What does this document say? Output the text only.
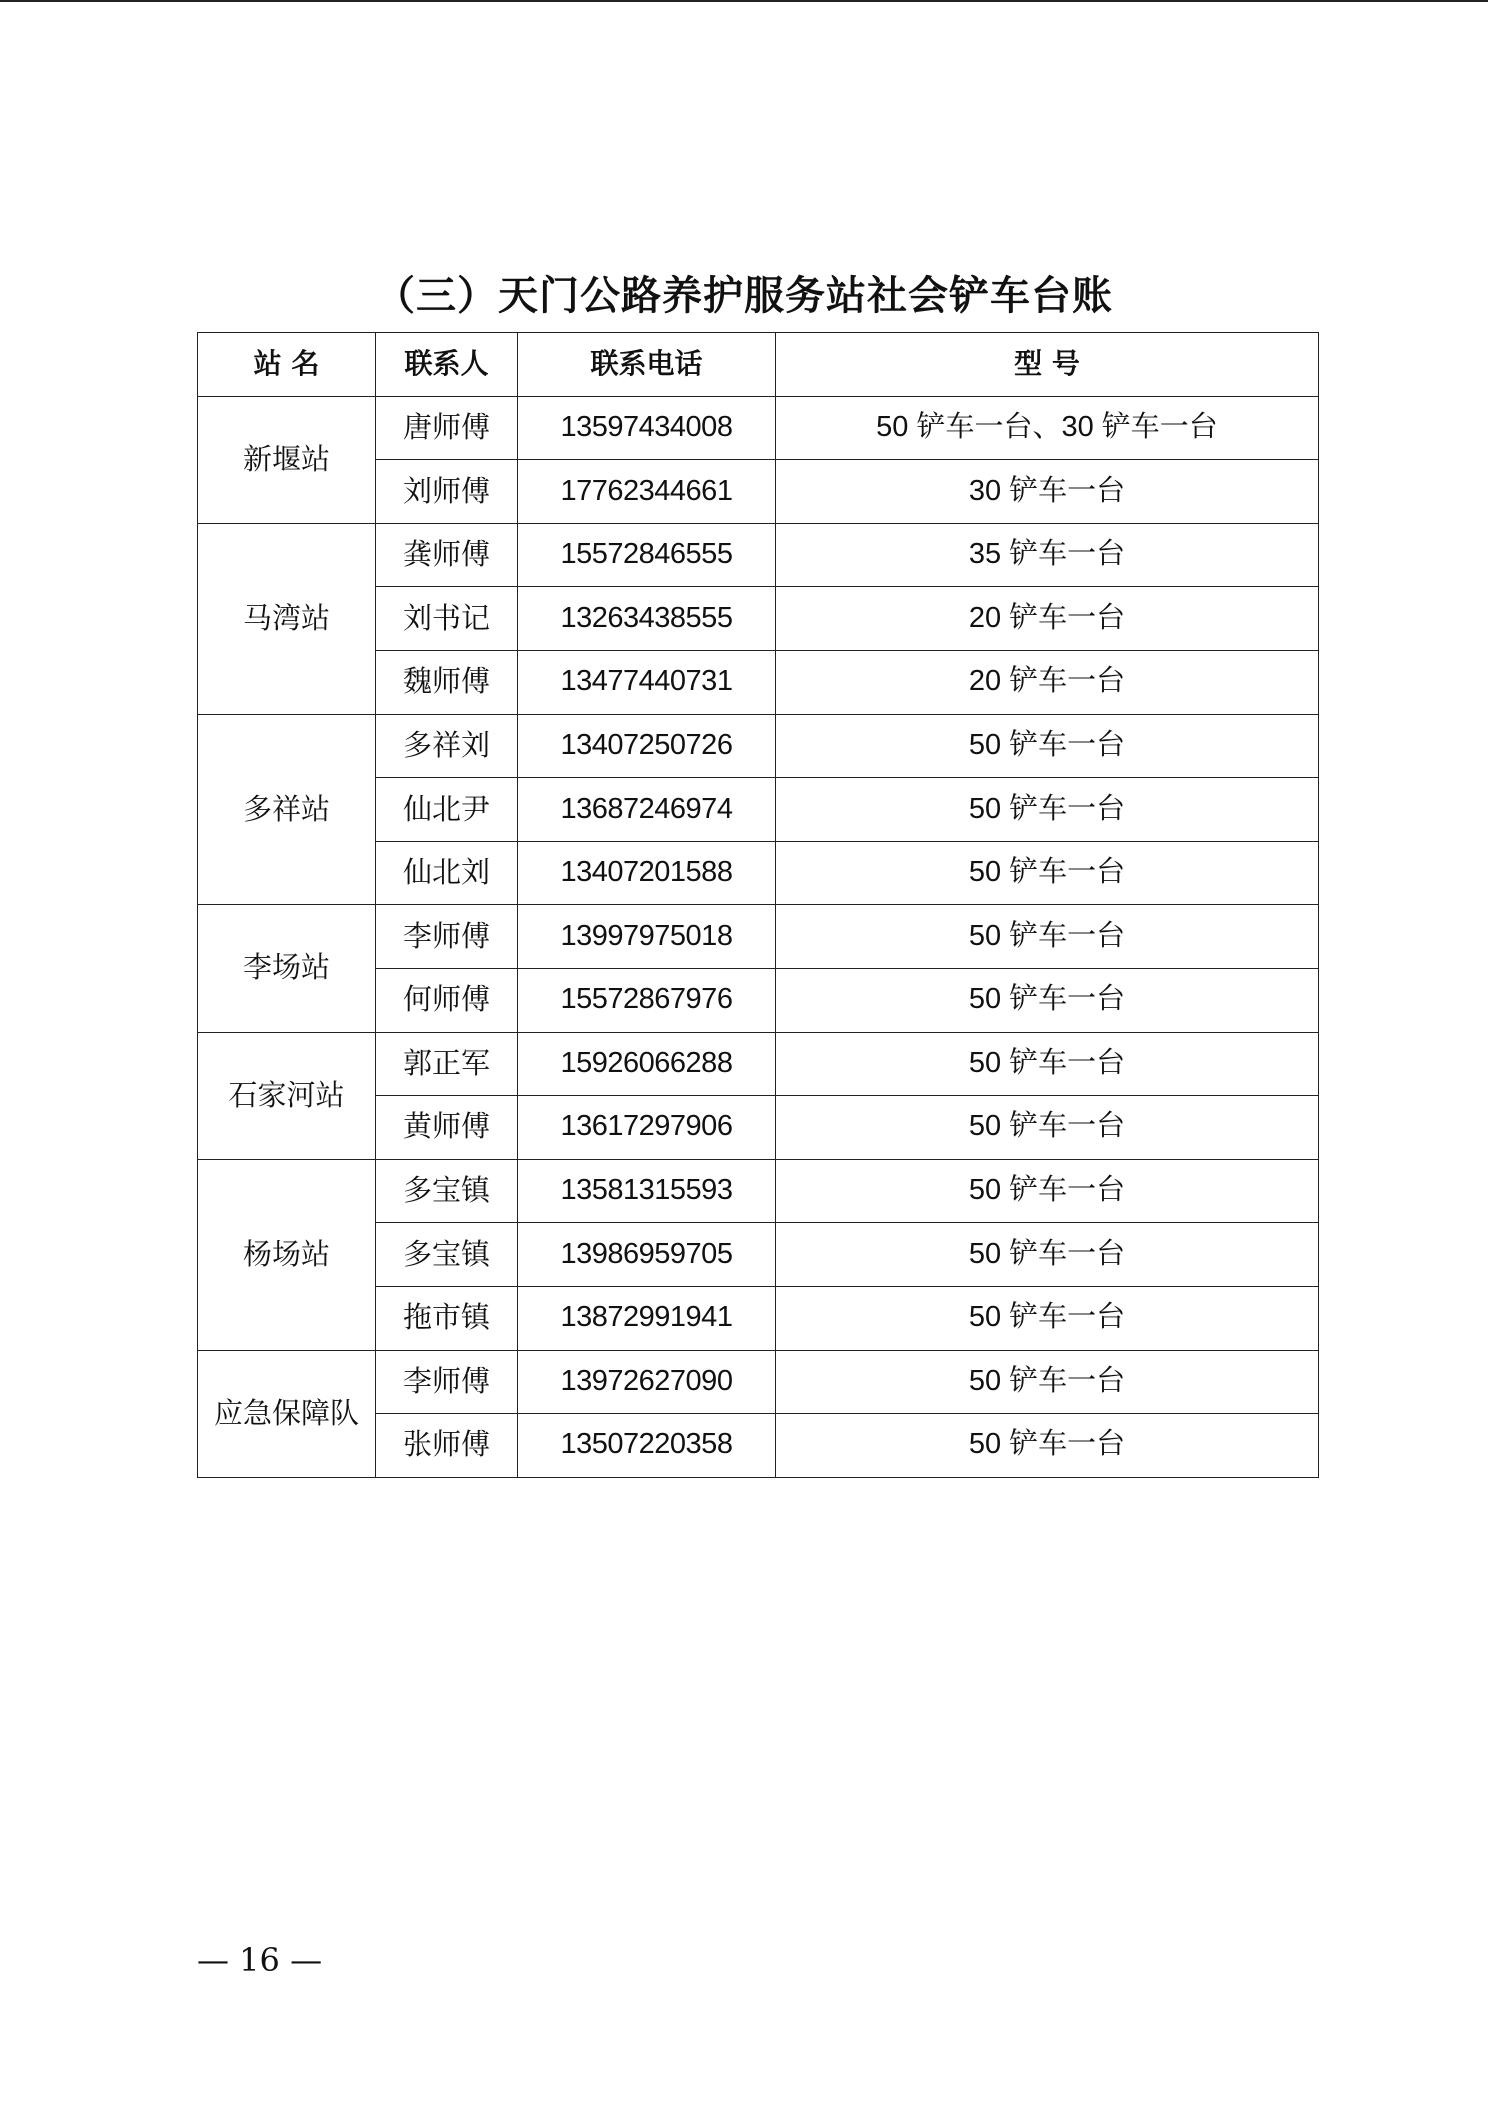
（三）天门公路养护服务站社会铲车台账
站 名	联系人	联系电话	型 号
新堰站	唐师傅	13597434008	50 铲车一台、30 铲车一台
	刘师傅	17762344661	30 铲车一台
马湾站	龚师傅	15572846555	35 铲车一台
	刘书记	13263438555	20 铲车一台
	魏师傅	13477440731	20 铲车一台
多祥站	多祥刘	13407250726	50 铲车一台
	仙北尹	13687246974	50 铲车一台
	仙北刘	13407201588	50 铲车一台
李场站	李师傅	13997975018	50 铲车一台
	何师傅	15572867976	50 铲车一台
石家河站	郭正军	15926066288	50 铲车一台
	黄师傅	13617297906	50 铲车一台
杨场站	多宝镇	13581315593	50 铲车一台
	多宝镇	13986959705	50 铲车一台
	拖市镇	13872991941	50 铲车一台
应急保障队	李师傅	13972627090	50 铲车一台
	张师傅	13507220358	50 铲车一台
— 16 —
